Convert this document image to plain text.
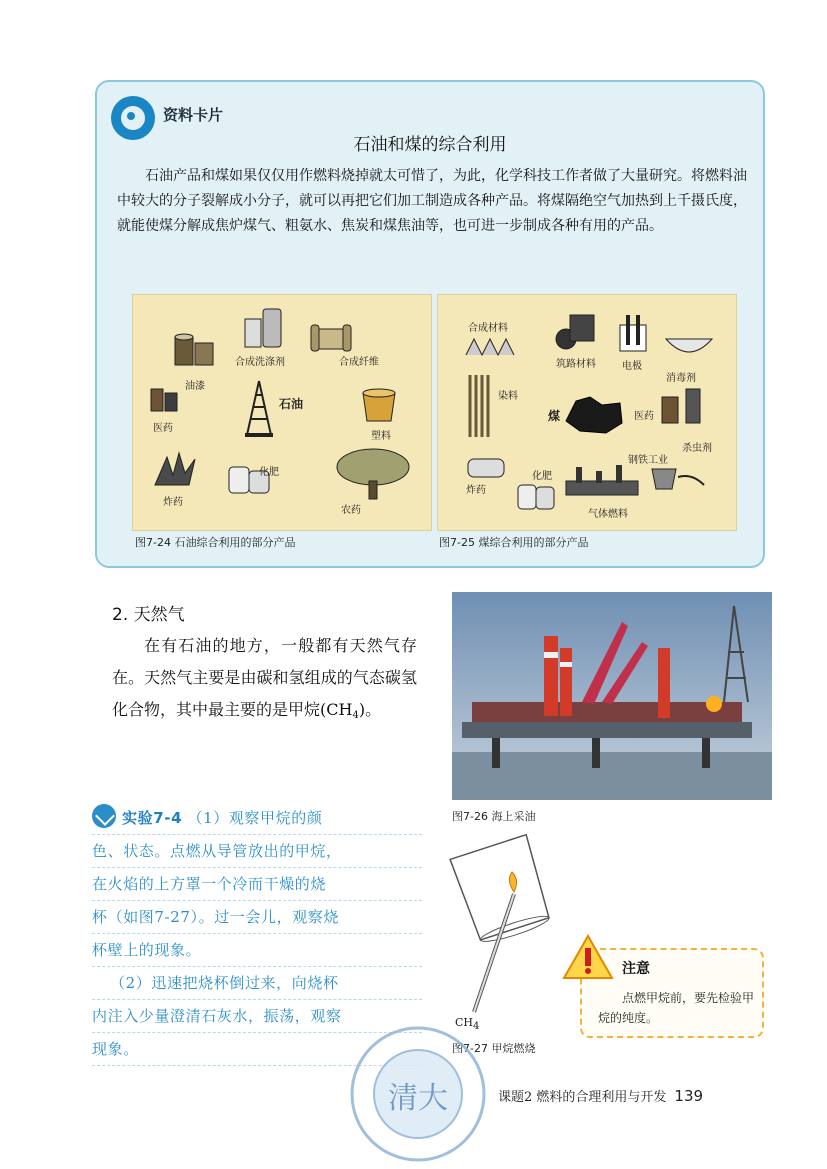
资料卡片
石油和煤的综合利用
石油产品和煤如果仅仅用作燃料烧掉就太可惜了，为此，化学科技工作者做了大量研究。将燃料油中较大的分子裂解成小分子，就可以再把它们加工制造成各种产品。将煤隔绝空气加热到上千摄氏度，就能使煤分解成焦炉煤气、粗氨水、焦炭和煤焦油等，也可进一步制成各种有用的产品。
油漆
合成洗涤剂	合成纤维
医药
石油
塑料
炸药
化肥
农药
图7-24 石油综合利用的部分产品
合成材料
筑路材料	电极
消毒剂
染料
煤	医药
杀虫剂
钢铁工业
炸药
化肥
气体燃料
图7-25 煤综合利用的部分产品
2. 天然气
在有石油的地方，一般都有天然气存在。天然气主要是由碳和氢组成的气态碳氢化合物，其中最主要的是甲烷$(CH_4)$。
图7-26 海上采油
实验7-4 （1）观察甲烷的颜
色、状态。点燃从导管放出的甲烷，
在火焰的上方罩一个冷而干燥的烧
杯（如图7-27）。过一会儿，观察烧
杯壁上的现象。
（2）迅速把烧杯倒过来，向烧杯
内注入少量澄清石灰水，振荡，观察
现象。
CH4
图7-27 甲烷燃烧
注意
点燃甲烷前，要先检验甲烷的纯度。
清大	课题2 燃料的合理利用与开发 139
